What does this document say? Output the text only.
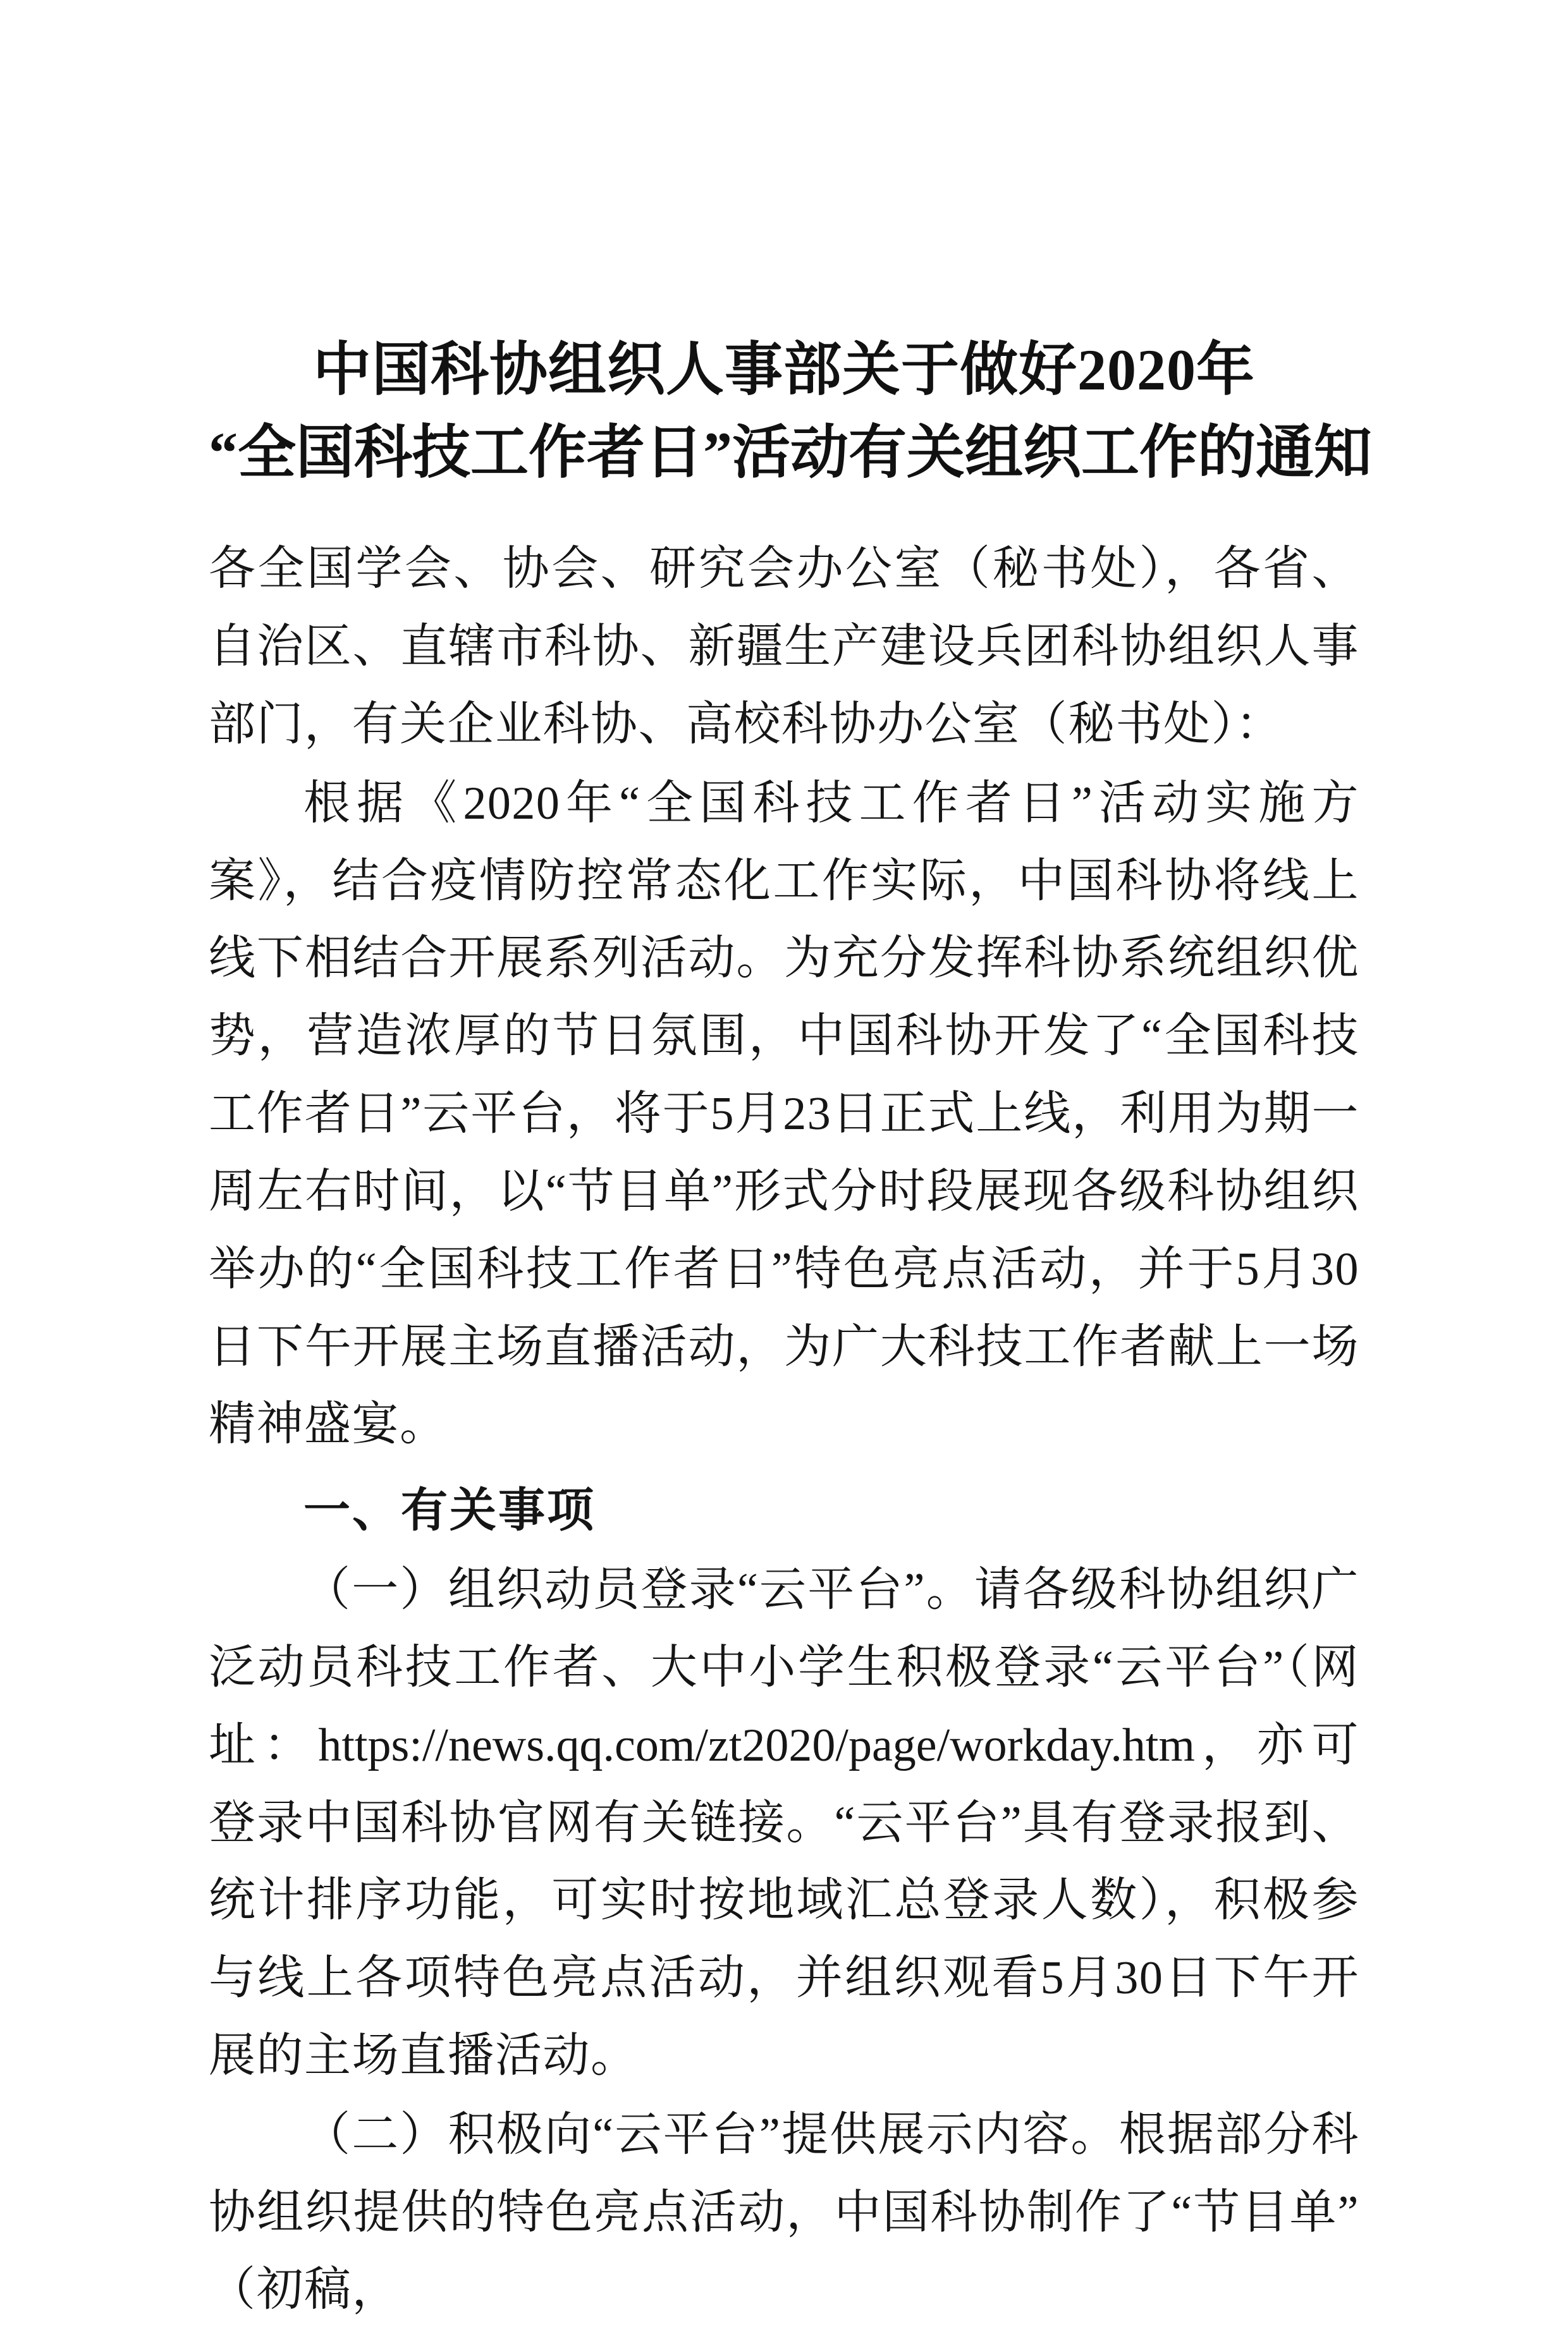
中国科协组织人事部关于做好2020年
“全国科技工作者日”活动有关组织工作的通知

各全国学会、协会、研究会办公室（秘书处），各省、自治区、直辖市科协、新疆生产建设兵团科协组织人事部门，有关企业科协、高校科协办公室（秘书处）：

根据《2020年“全国科技工作者日”活动实施方案》，结合疫情防控常态化工作实际，中国科协将线上线下相结合开展系列活动。为充分发挥科协系统组织优势，营造浓厚的节日氛围，中国科协开发了“全国科技工作者日”云平台，将于5月23日正式上线，利用为期一周左右时间，以“节目单”形式分时段展现各级科协组织举办的“全国科技工作者日”特色亮点活动，并于5月30日下午开展主场直播活动，为广大科技工作者献上一场精神盛宴。

一、有关事项

（一）组织动员登录“云平台”。请各级科协组织广泛动员科技工作者、大中小学生积极登录“云平台”（网址：https://news.qq.com/zt2020/page/workday.htm，亦可登录中国科协官网有关链接。“云平台”具有登录报到、统计排序功能，可实时按地域汇总登录人数），积极参与线上各项特色亮点活动，并组织观看5月30日下午开展的主场直播活动。

（二）积极向“云平台”提供展示内容。根据部分科协组织提供的特色亮点活动，中国科协制作了“节目单”（初稿，
